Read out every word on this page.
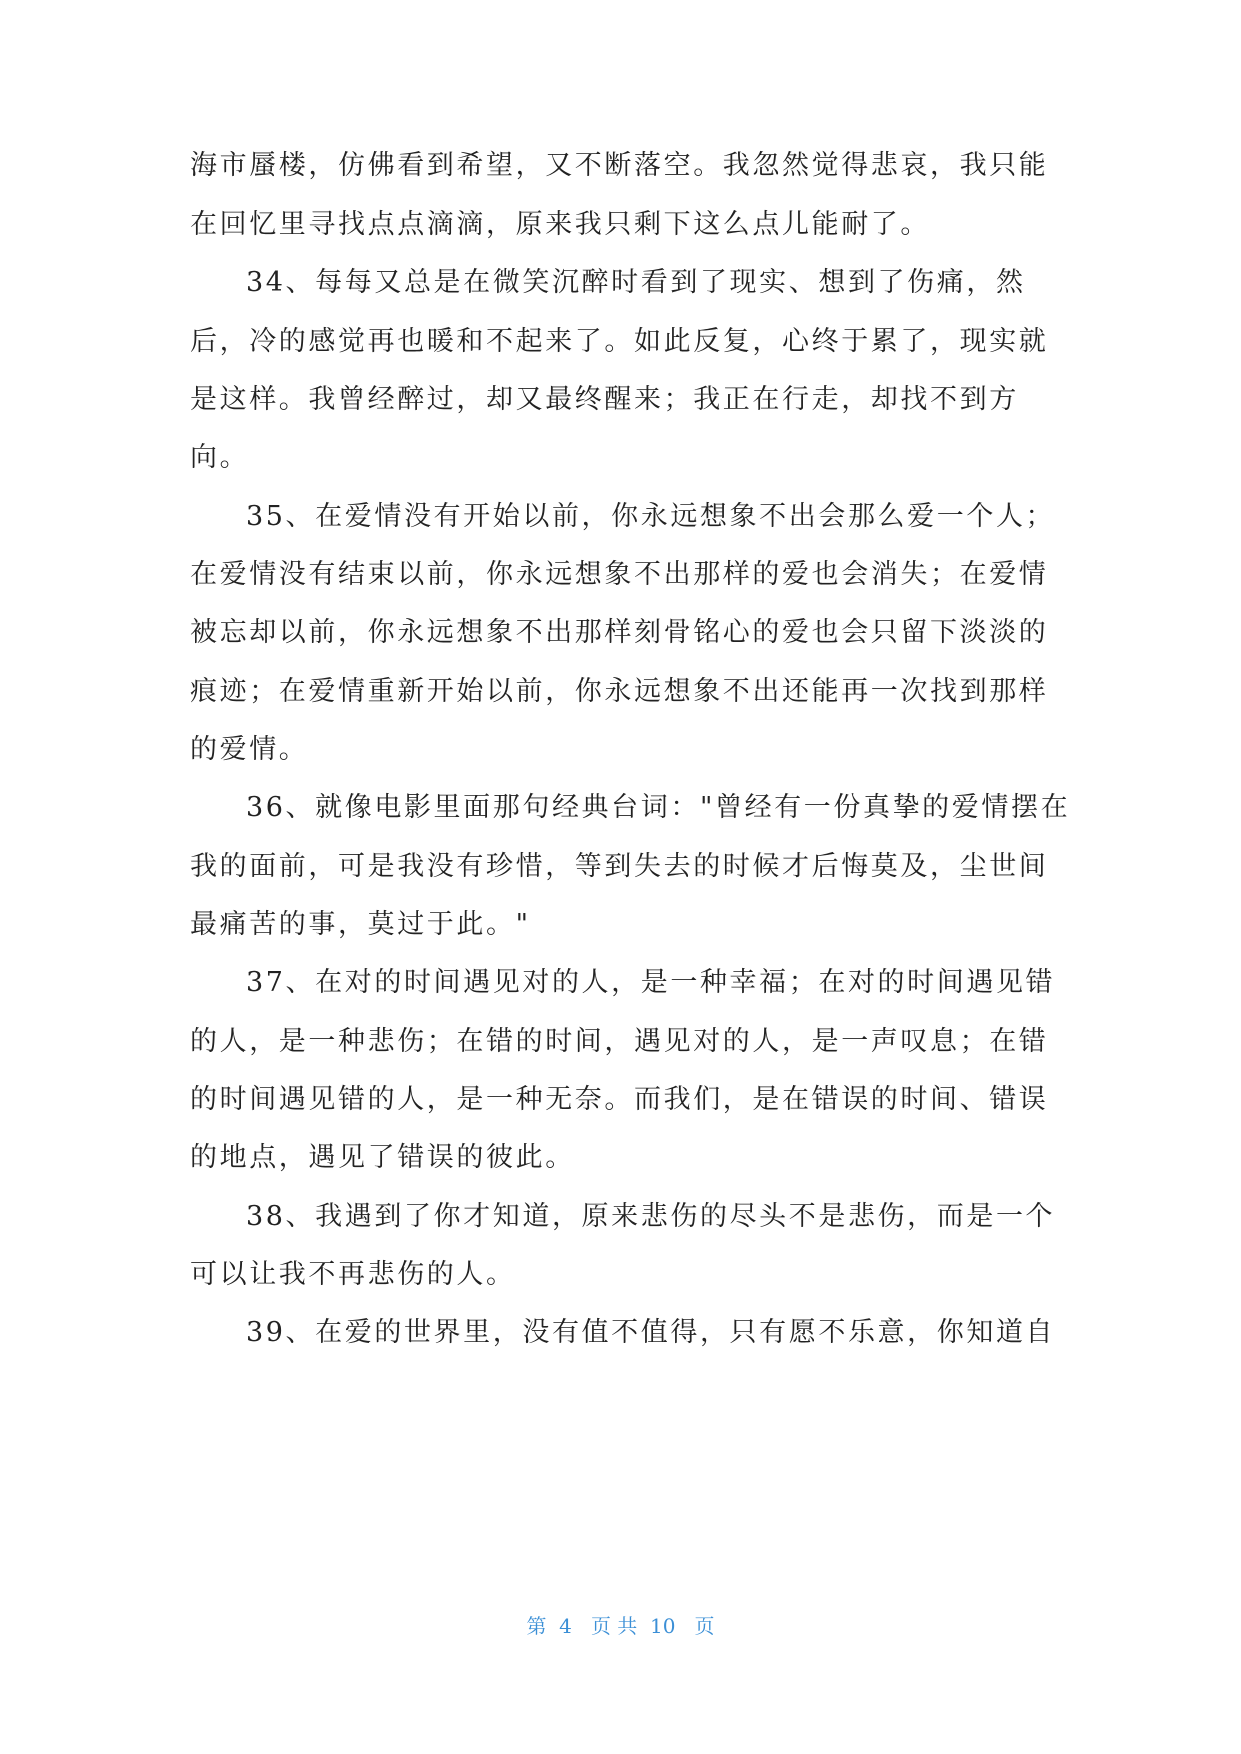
海市蜃楼，仿佛看到希望，又不断落空。我忽然觉得悲哀，我只能
在回忆里寻找点点滴滴，原来我只剩下这么点儿能耐了。
34、每每又总是在微笑沉醉时看到了现实、想到了伤痛，然
后，冷的感觉再也暖和不起来了。如此反复，心终于累了，现实就
是这样。我曾经醉过，却又最终醒来；我正在行走，却找不到方
向。
35、在爱情没有开始以前，你永远想象不出会那么爱一个人；
在爱情没有结束以前，你永远想象不出那样的爱也会消失；在爱情
被忘却以前，你永远想象不出那样刻骨铭心的爱也会只留下淡淡的
痕迹；在爱情重新开始以前，你永远想象不出还能再一次找到那样
的爱情。
36、就像电影里面那句经典台词："曾经有一份真挚的爱情摆在
我的面前，可是我没有珍惜，等到失去的时候才后悔莫及，尘世间
最痛苦的事，莫过于此。"
37、在对的时间遇见对的人，是一种幸福；在对的时间遇见错
的人，是一种悲伤；在错的时间，遇见对的人，是一声叹息；在错
的时间遇见错的人，是一种无奈。而我们，是在错误的时间、错误
的地点，遇见了错误的彼此。
38、我遇到了你才知道，原来悲伤的尽头不是悲伤，而是一个
可以让我不再悲伤的人。
39、在爱的世界里，没有值不值得，只有愿不乐意，你知道自
第  4   页 共  10   页
